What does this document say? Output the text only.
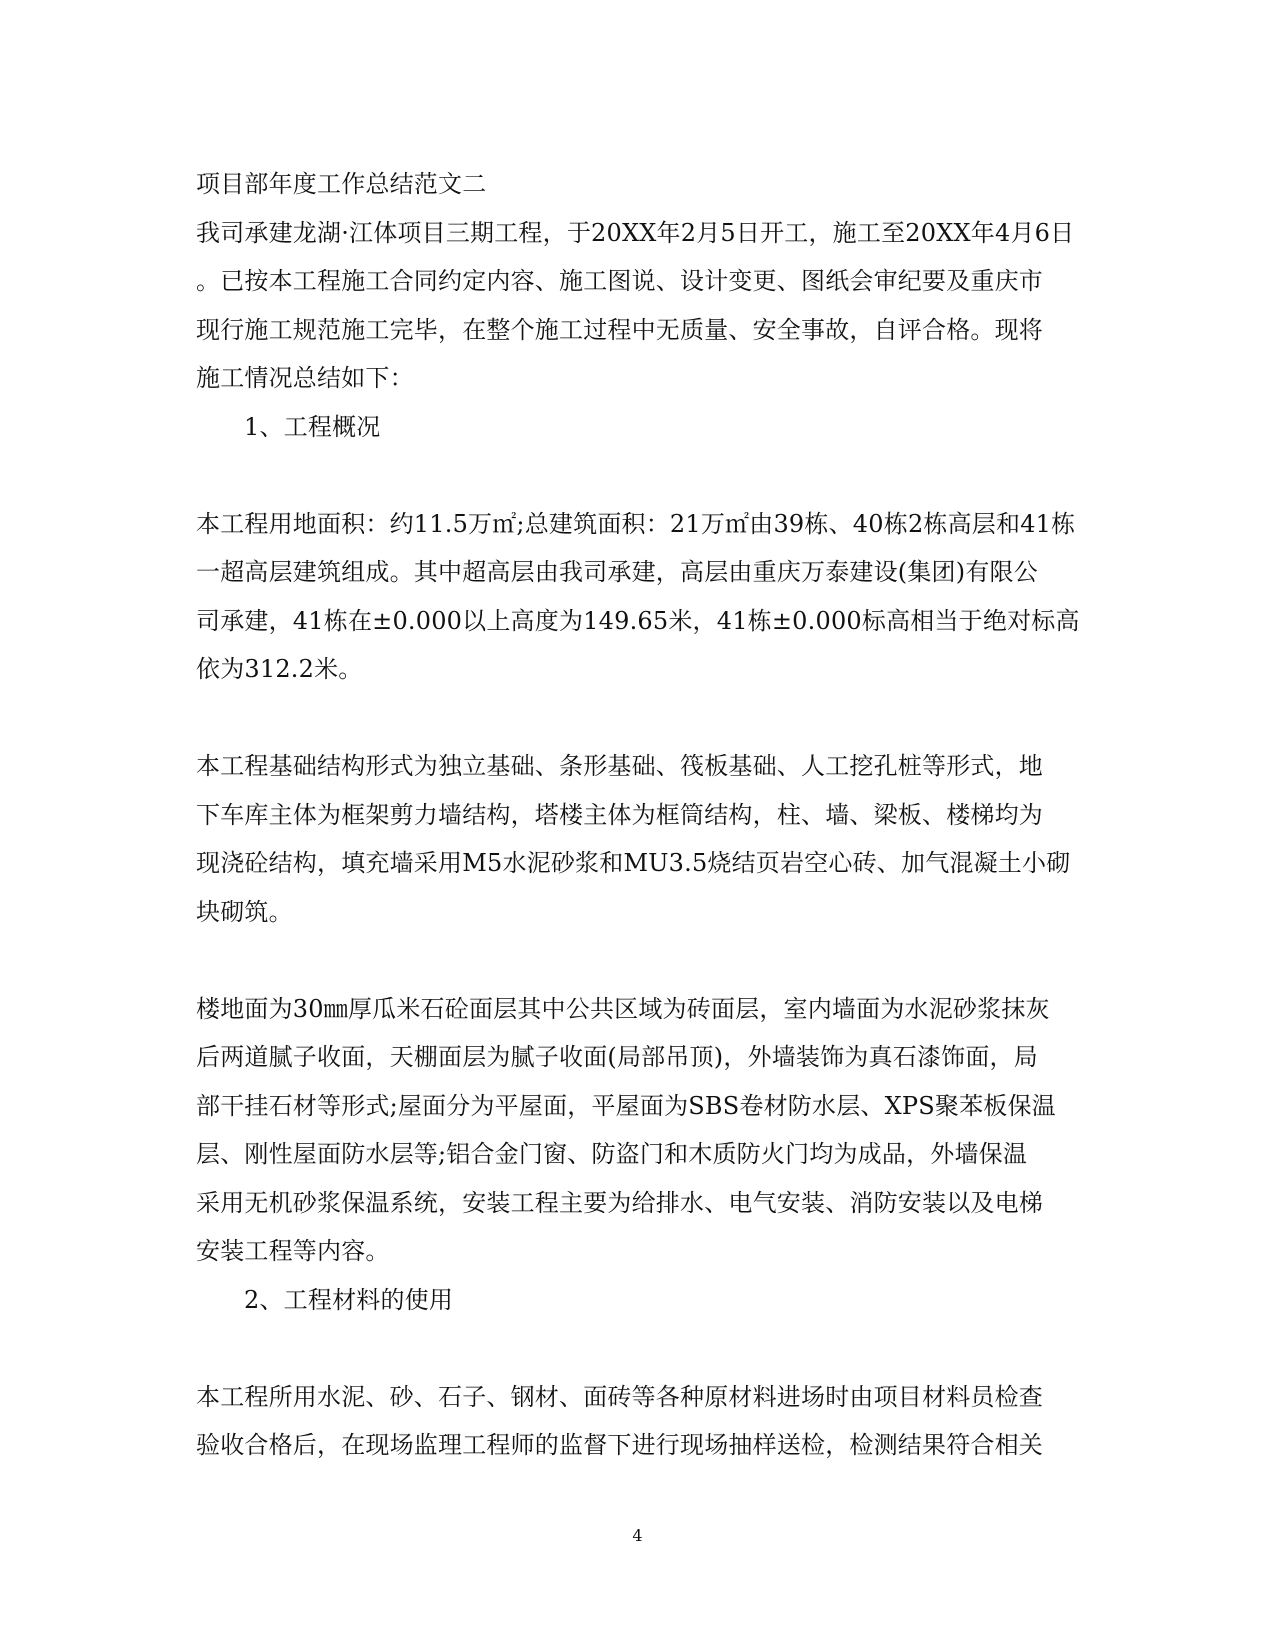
项目部年度工作总结范文二
我司承建龙湖·江体项目三期工程，于20XX年2月5日开工，施工至20XX年4月6日
。已按本工程施工合同约定内容、施工图说、设计变更、图纸会审纪要及重庆市
现行施工规范施工完毕，在整个施工过程中无质量、安全事故，自评合格。现将
施工情况总结如下：
1、工程概况
本工程用地面积：约11.5万㎡;总建筑面积：21万㎡由39栋、40栋2栋高层和41栋
一超高层建筑组成。其中超高层由我司承建，高层由重庆万泰建设(集团)有限公
司承建，41栋在±0.000以上高度为149.65米，41栋±0.000标高相当于绝对标高
依为312.2米。
本工程基础结构形式为独立基础、条形基础、筏板基础、人工挖孔桩等形式，地
下车库主体为框架剪力墙结构，塔楼主体为框筒结构，柱、墙、梁板、楼梯均为
现浇砼结构，填充墙采用M5水泥砂浆和MU3.5烧结页岩空心砖、加气混凝土小砌
块砌筑。
楼地面为30㎜厚瓜米石砼面层其中公共区域为砖面层，室内墙面为水泥砂浆抹灰
后两道腻子收面，天棚面层为腻子收面(局部吊顶)，外墙装饰为真石漆饰面，局
部干挂石材等形式;屋面分为平屋面，平屋面为SBS卷材防水层、XPS聚苯板保温
层、刚性屋面防水层等;铝合金门窗、防盗门和木质防火门均为成品，外墙保温
采用无机砂浆保温系统，安装工程主要为给排水、电气安装、消防安装以及电梯
安装工程等内容。
2、工程材料的使用
本工程所用水泥、砂、石子、钢材、面砖等各种原材料进场时由项目材料员检查
验收合格后，在现场监理工程师的监督下进行现场抽样送检，检测结果符合相关
4
